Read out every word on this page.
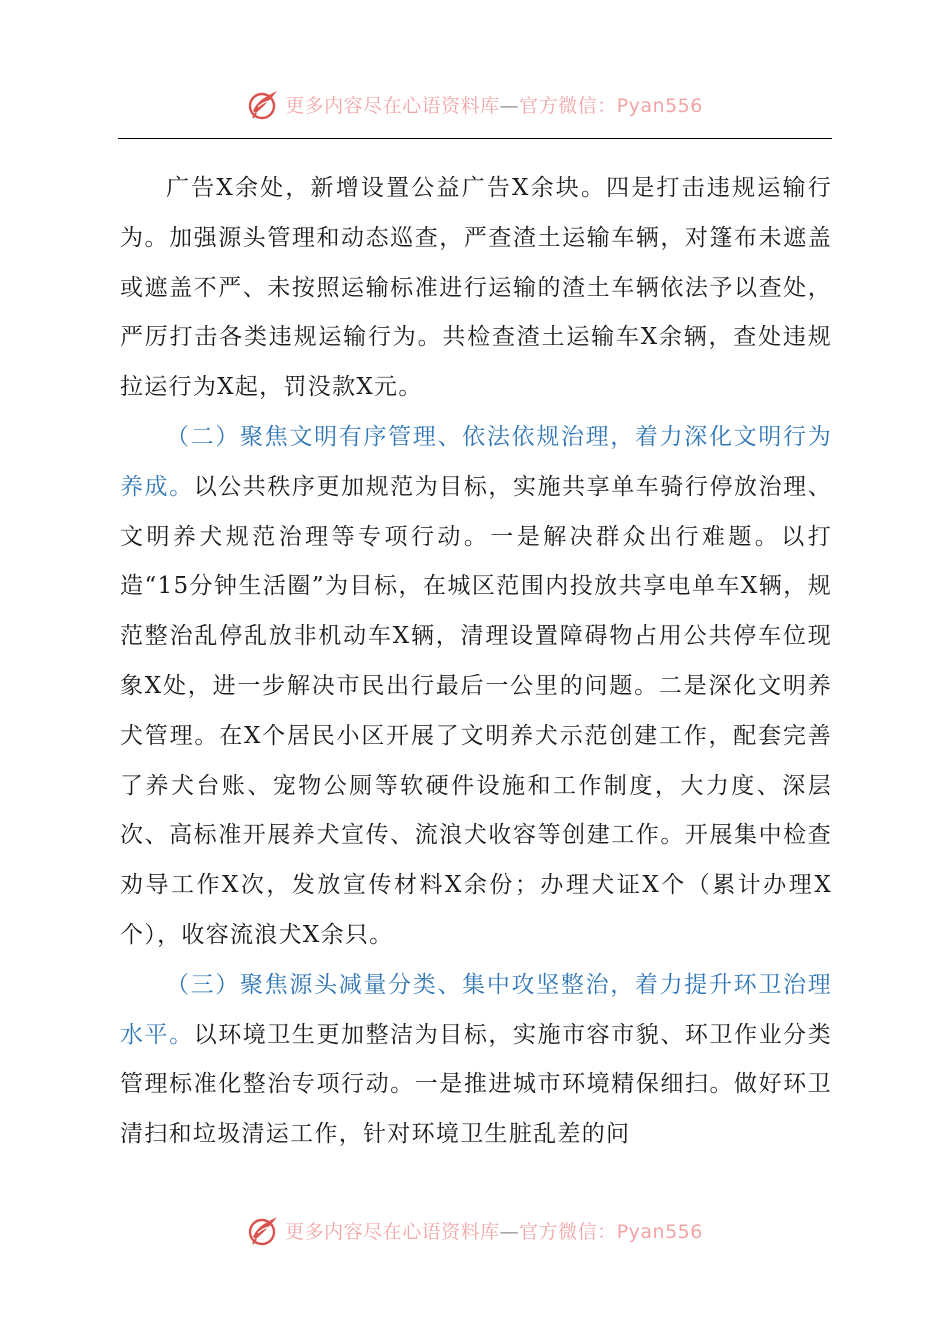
更多内容尽在心语资料库—官方微信：Pyan556

广告X余处，新增设置公益广告X余块。四是打击违规运输行为。加强源头管理和动态巡查，严查渣土运输车辆，对篷布未遮盖或遮盖不严、未按照运输标准进行运输的渣土车辆依法予以查处，严厉打击各类违规运输行为。共检查渣土运输车X余辆，查处违规拉运行为X起，罚没款X元。

（二）聚焦文明有序管理、依法依规治理，着力深化文明行为养成。以公共秩序更加规范为目标，实施共享单车骑行停放治理、文明养犬规范治理等专项行动。一是解决群众出行难题。以打造“15分钟生活圈”为目标，在城区范围内投放共享电单车X辆，规范整治乱停乱放非机动车X辆，清理设置障碍物占用公共停车位现象X处，进一步解决市民出行最后一公里的问题。二是深化文明养犬管理。在X个居民小区开展了文明养犬示范创建工作，配套完善了养犬台账、宠物公厕等软硬件设施和工作制度，大力度、深层次、高标准开展养犬宣传、流浪犬收容等创建工作。开展集中检查劝导工作X次，发放宣传材料X余份；办理犬证X个（累计办理X个），收容流浪犬X余只。

（三）聚焦源头减量分类、集中攻坚整治，着力提升环卫治理水平。以环境卫生更加整洁为目标，实施市容市貌、环卫作业分类管理标准化整治专项行动。一是推进城市环境精保细扫。做好环卫清扫和垃圾清运工作，针对环境卫生脏乱差的问

更多内容尽在心语资料库—官方微信：Pyan556
